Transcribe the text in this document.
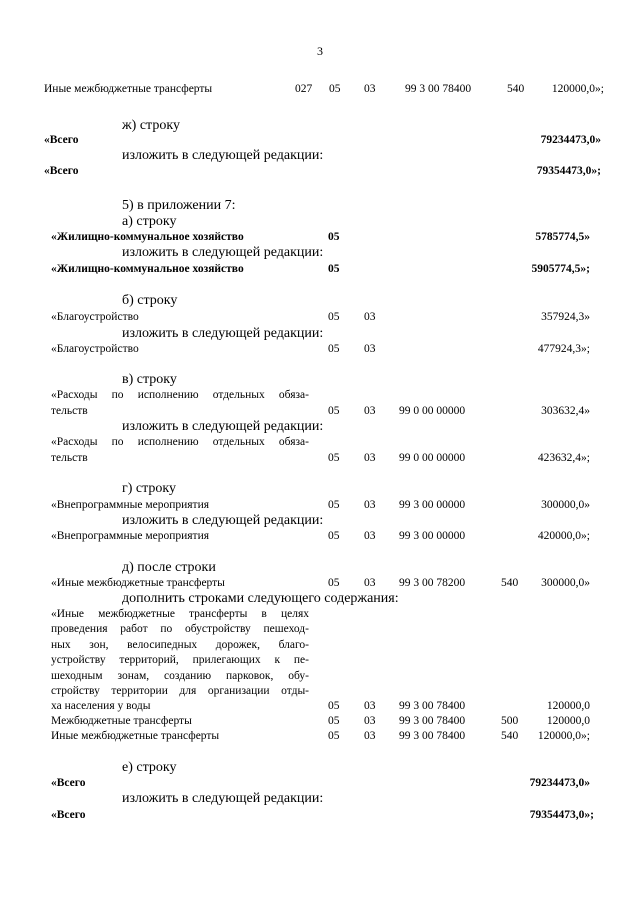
3
Иные межбюджетные трансферты	027 05 03	99 3 00 78400	540 120000,0»;
ж) строку
«Всего	79234473,0»
изложить в следующей редакции:
«Всего	79354473,0»;
5) в приложении 7:
а) строку
«Жилищно-коммунальное хозяйство	05	5785774,5»
изложить в следующей редакции:
«Жилищно-коммунальное хозяйство	05	5905774,5»;
б) строку
«Благоустройство	05 03	357924,3»
изложить в следующей редакции:
«Благоустройство	05 03	477924,3»;
в) строку
«Расходы по исполнению отдельных обяза-
тельств	05 03 99 0 00 00000	303632,4»
изложить в следующей редакции:
«Расходы по исполнению отдельных обяза-
тельств	05 03 99 0 00 00000	423632,4»;
г) строку
«Внепрограммные мероприятия	05 03 99 3 00 00000	300000,0»
изложить в следующей редакции:
«Внепрограммные мероприятия	05 03 99 3 00 00000	420000,0»;
д) после строки
«Иные межбюджетные трансферты	05 03 99 3 00 78200	540 300000,0»
дополнить строками следующего содержания:
«Иные межбюджетные трансферты в целях
проведения работ по обустройству пешеход-
ных зон, велосипедных дорожек, благо-
устройству территорий, прилегающих к пе-
шеходным зонам, созданию парковок, обу-
стройству территории для организации отды-
ха населения у воды	05 03 99 3 00 78400	120000,0
Межбюджетные трансферты	05 03 99 3 00 78400	500 120000,0
Иные межбюджетные трансферты	05 03 99 3 00 78400	540 120000,0»;
е) строку
«Всего	79234473,0»
изложить в следующей редакции:
«Всего	79354473,0»;
